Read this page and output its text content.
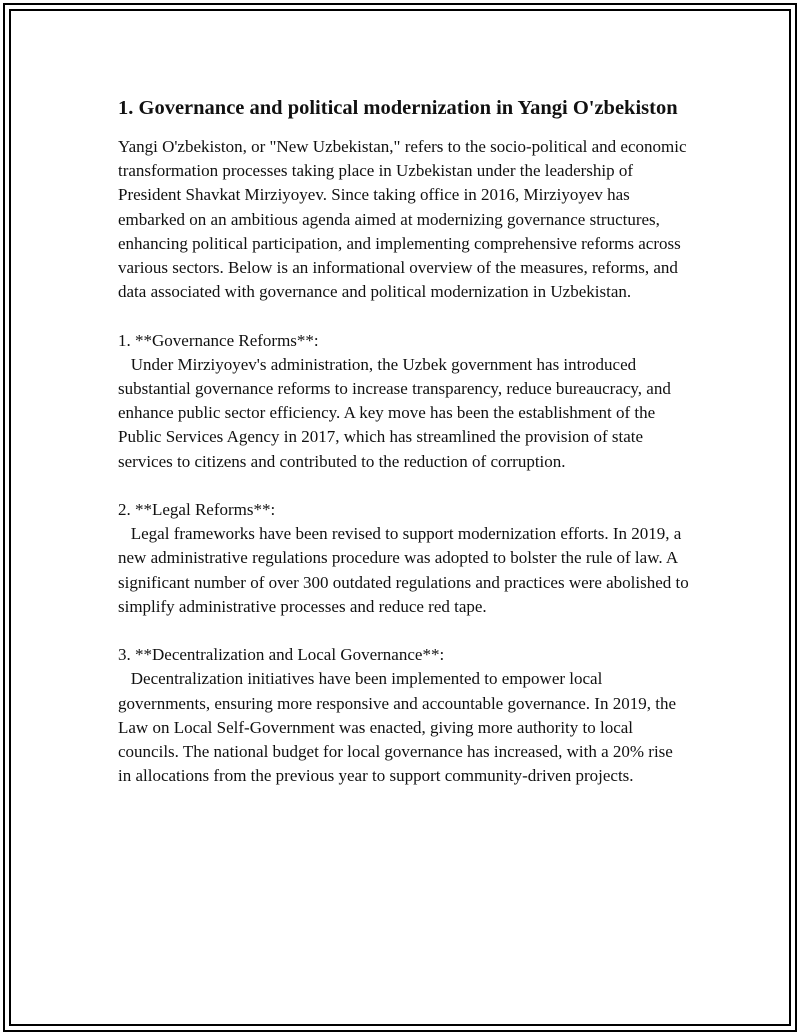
1. Governance and political modernization in Yangi O'zbekiston

Yangi O'zbekiston, or "New Uzbekistan," refers to the socio-political and economic transformation processes taking place in Uzbekistan under the leadership of President Shavkat Mirziyoyev. Since taking office in 2016, Mirziyoyev has embarked on an ambitious agenda aimed at modernizing governance structures, enhancing political participation, and implementing comprehensive reforms across various sectors. Below is an informational overview of the measures, reforms, and data associated with governance and political modernization in Uzbekistan.

1. **Governance Reforms**:
Under Mirziyoyev's administration, the Uzbek government has introduced substantial governance reforms to increase transparency, reduce bureaucracy, and enhance public sector efficiency. A key move has been the establishment of the Public Services Agency in 2017, which has streamlined the provision of state services to citizens and contributed to the reduction of corruption.

2. **Legal Reforms**:
Legal frameworks have been revised to support modernization efforts. In 2019, a new administrative regulations procedure was adopted to bolster the rule of law. A significant number of over 300 outdated regulations and practices were abolished to simplify administrative processes and reduce red tape.

3. **Decentralization and Local Governance**:
Decentralization initiatives have been implemented to empower local governments, ensuring more responsive and accountable governance. In 2019, the Law on Local Self-Government was enacted, giving more authority to local councils. The national budget for local governance has increased, with a 20% rise in allocations from the previous year to support community-driven projects.
